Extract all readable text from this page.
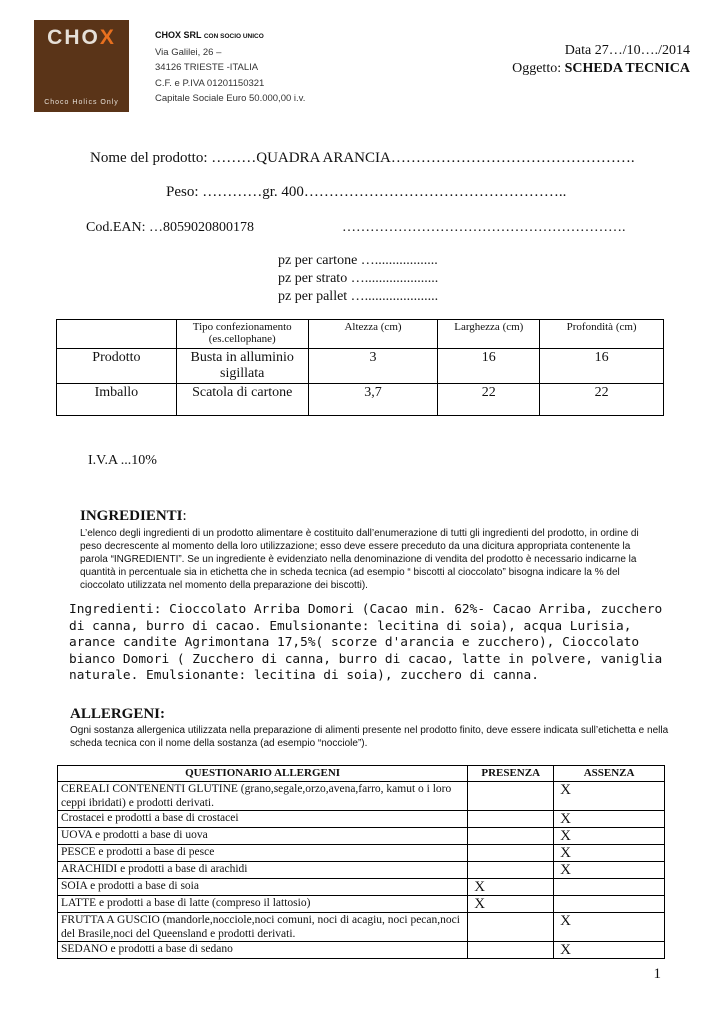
CHOX
Choco Holics Only
CHOX SRL CON SOCIO UNICO
Via Galilei, 26 –
34126 TRIESTE -ITALIA
C.F. e P.IVA 01201150321
Capitale Sociale Euro 50.000,00 i.v.
Data 27…/10…./2014
Oggetto: SCHEDA TECNICA
Nome del prodotto: ………QUADRA ARANCIA………………………………………….
Peso: …………gr. 400……………………………………………..
Cod.EAN: …8059020800178	…………………………………………………….
pz per cartone …..................
pz per strato ….....................
pz per pallet ….....................
	Tipo confezionamento (es.cellophane)	Altezza (cm)	Larghezza (cm)	Profondità (cm)
Prodotto	Busta in alluminio sigillata	3	16	16
Imballo	Scatola di cartone	3,7	22	22
I.V.A ...10%
INGREDIENTI:
L’elenco degli ingredienti di un prodotto alimentare è costituito dall’enumerazione di tutti gli ingredienti del prodotto, in ordine di peso decrescente al momento della loro utilizzazione; esso deve essere preceduto da una dicitura appropriata contenente la parola “INGREDIENTI”. Se un ingrediente è evidenziato nella denominazione di vendita del prodotto è necessario indicarne la quantità in percentuale sia in etichetta che in scheda tecnica (ad esempio “ biscotti al cioccolato” bisogna indicare la % del cioccolato utilizzata nel momento della preparazione dei biscotti).
Ingredienti: Cioccolato Arriba Domori (Cacao min. 62%- Cacao Arriba, zucchero di canna, burro di cacao. Emulsionante: lecitina di soia), acqua Lurisia, arance candite Agrimontana 17,5%( scorze d'arancia e zucchero), Cioccolato bianco Domori ( Zucchero di canna, burro di cacao, latte in polvere, vaniglia naturale. Emulsionante: lecitina di soia), zucchero di canna.
ALLERGENI:
Ogni sostanza allergenica utilizzata nella preparazione di alimenti presente nel prodotto finito, deve essere indicata sull’etichetta e nella scheda tecnica con il nome della sostanza (ad esempio “nocciole”).
QUESTIONARIO ALLERGENI	PRESENZA	ASSENZA
CEREALI CONTENENTI GLUTINE (grano,segale,orzo,avena,farro, kamut o i loro ceppi ibridati) e prodotti derivati.		X
Crostacei e prodotti a base di crostacei		X
UOVA e prodotti a base di uova		X
PESCE e prodotti a base di pesce		X
ARACHIDI e prodotti a base di arachidi		X
SOIA e prodotti a base di soia	X	
LATTE e prodotti a base di latte (compreso il lattosio)	X	
FRUTTA A GUSCIO (mandorle,nocciole,noci comuni, noci di acagiu, noci pecan,noci del Brasile,noci del Queensland e prodotti derivati.		X
SEDANO e prodotti a base di sedano		X
1
